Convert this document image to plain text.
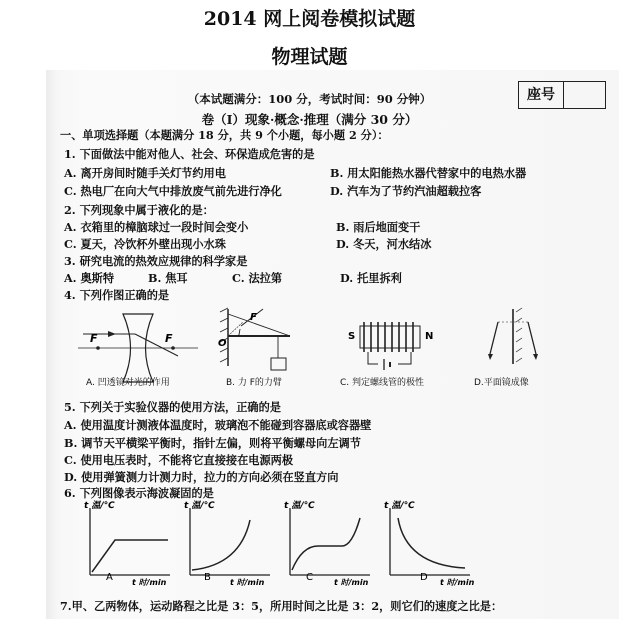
2014 网上阅卷模拟试题
物理试题
座号
（本试题满分：100 分，考试时间：90 分钟）
卷（Ⅰ）现象·概念·推理（满分 30 分）
一、单项选择题（本题满分 18 分，共 9 个小题，每小题 2 分）：
1. 下面做法中能对他人、社会、环保造成危害的是
A. 离开房间时随手关灯节约用电	B. 用太阳能热水器代替家中的电热水器
C. 热电厂在向大气中排放废气前先进行净化	D. 汽车为了节约汽油超载拉客
2. 下列现象中属于液化的是：
A. 衣箱里的樟脑球过一段时间会变小	B. 雨后地面变干
C. 夏天，冷饮杯外壁出现小水珠	D. 冬天，河水结冰
3. 研究电流的热效应规律的科学家是
A. 奥斯特	B. 焦耳	C. 法拉第	D. 托里拆利
4. 下列作图正确的是
F	F
F
O
l	S	N
A. 凹透镜对光的作用	B. 力 F的力臂	C. 判定螺线管的极性	D.平面镜成像
5. 下列关于实验仪器的使用方法，正确的是
A. 使用温度计测液体温度时，玻璃泡不能碰到容器底或容器壁
B. 调节天平横梁平衡时，指针左偏，则将平衡螺母向左调节
C. 使用电压表时，不能将它直接接在电源两极
D. 使用弹簧测力计测力时，拉力的方向必须在竖直方向
6. 下列图像表示海波凝固的是
t 温/℃
t 时/min
A
t 温/℃
t 时/min
B
t 温/℃
t 时/min
C
t 温/℃
t 时/min
D
7.甲、乙两物体，运动路程之比是 3：5，所用时间之比是 3：2，则它们的速度之比是：
